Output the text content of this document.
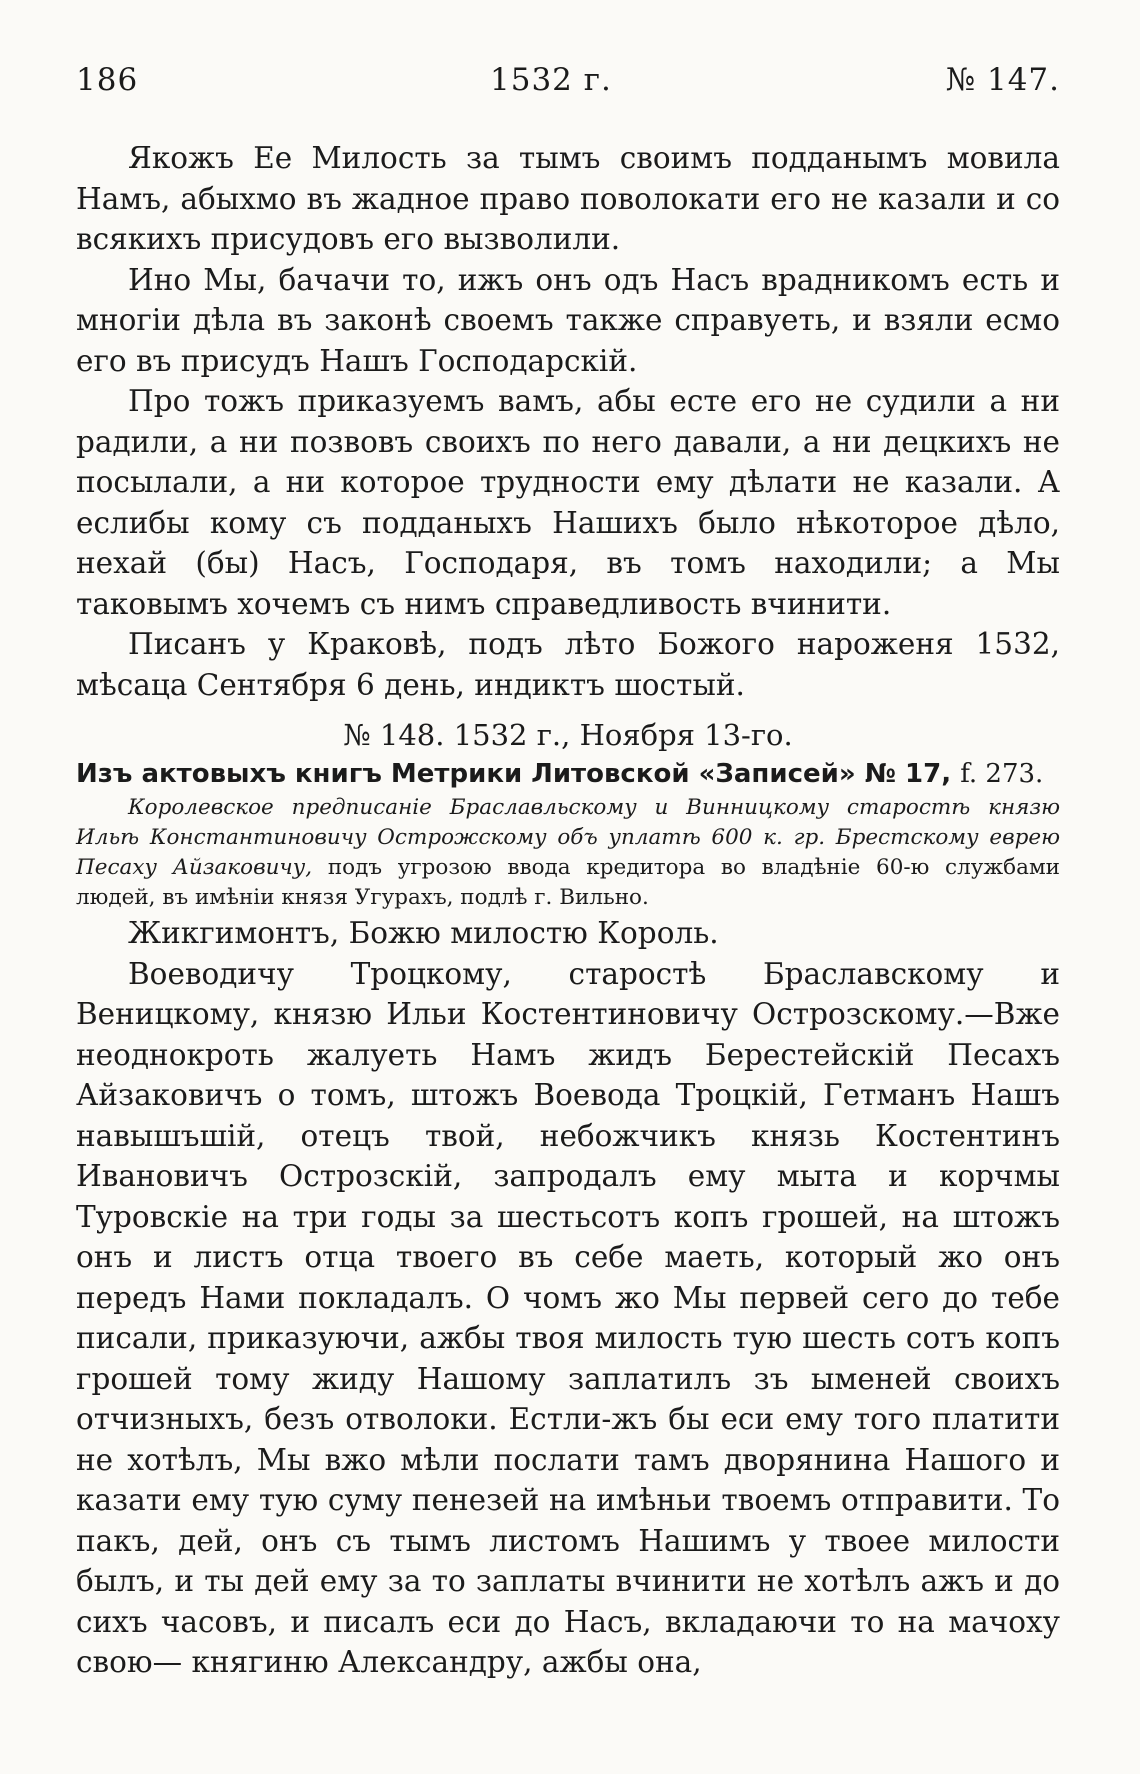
186	1532 г.	№ 147.

Якожъ Ее Милость за тымъ своимъ подданымъ мовила Намъ, абыхмо въ жадное право поволокати его не казали и со всякихъ присудовъ его вызволили.

Ино Мы, бачачи то, ижъ онъ одъ Насъ врадникомъ есть и многіи дѣла въ законѣ своемъ также справуеть, и взяли есмо его въ присудъ Нашъ Господарскій.

Про тожъ приказуемъ вамъ, абы есте его не судили а ни радили, а ни позвовъ своихъ по него давали, а ни децкихъ не посылали, а ни которое трудности ему дѣлати не казали. А еслибы кому съ подданыхъ Нашихъ было нѣкоторое дѣло, нехай (бы) Насъ, Господаря, въ томъ находили; а Мы таковымъ хочемъ съ нимъ справедливость вчинити.

Писанъ у Краковѣ, подъ лѣто Божого нароженя 1532, мѣсаца Сентября 6 день, индиктъ шостый.

№ 148. 1532 г., Ноября 13-го.
Изъ актовыхъ книгъ Метрики Литовской «Записей» № 17, f. 273.

Королевское предписаніе Браславльскому и Винницкому старостѣ князю Ильѣ Константиновичу Острожскому объ уплатѣ 600 к. гр. Брестскому еврею Песаху Айзаковичу, подъ угрозою ввода кредитора во владѣніе 60-ю службами людей, въ имѣніи князя Угурахъ, подлѣ г. Вильно.

Жикгимонтъ, Божю милостю Король.

Воеводичу Троцкому, старостѣ Браславскому и Веницкому, князю Ильи Костентиновичу Острозскому.—Вже неоднокроть жалуеть Намъ жидъ Берестейскій Песахъ Айзаковичъ о томъ, штожъ Воевода Троцкій, Гетманъ Нашъ навышъшій, отецъ твой, небожчикъ князь Костентинъ Ивановичъ Острозскій, запродалъ ему мыта и корчмы Туровскіе на три годы за шестьсотъ копъ грошей, на штожъ онъ и листъ отца твоего въ себе маеть, который жо онъ передъ Нами покладалъ. О чомъ жо Мы первей сего до тебе писали, приказуючи, ажбы твоя милость тую шесть сотъ копъ грошей тому жиду Нашому заплатилъ зъ ыменей своихъ отчизныхъ, безъ отволоки. Естли-жъ бы еси ему того платити не хотѣлъ, Мы вжо мѣли послати тамъ дворянина Нашого и казати ему тую суму пенезей на имѣньи твоемъ отправити. То пакъ, дей, онъ съ тымъ листомъ Нашимъ у твоее милости былъ, и ты дей ему за то заплаты вчинити не хотѣлъ ажъ и до сихъ часовъ, и писалъ еси до Насъ, вкладаючи то на мачоху свою— княгиню Александру, ажбы она,
